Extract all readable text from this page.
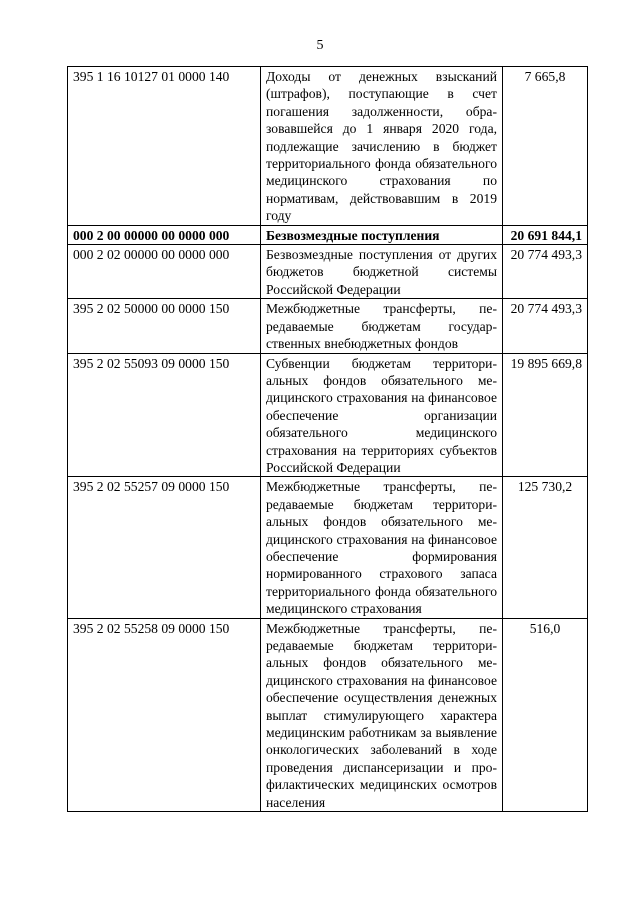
5
395 1 16 10127 01 0000 140	Доходы от денежных взысканий (штрафов), поступающие в счет погашения задолженности, образовавшейся до 1 января 2020 года, подлежащие зачислению в бюджет территориального фонда обязательного медицинского страхования по нормативам, действовавшим в 2019 году	7 665,8
000 2 00 00000 00 0000 000	Безвозмездные поступления	20 691 844,1
000 2 02 00000 00 0000 000	Безвозмездные поступления от других бюджетов бюджетной системы Российской Федерации	20 774 493,3
395 2 02 50000 00 0000 150	Межбюджетные трансферты, передаваемые бюджетам государственных внебюджетных фондов	20 774 493,3
395 2 02 55093 09 0000 150	Субвенции бюджетам территориальных фондов обязательного медицинского страхования на финансовое обеспечение организации обязательного медицинского страхования на территориях субъектов Российской Федерации	19 895 669,8
395 2 02 55257 09 0000 150	Межбюджетные трансферты, передаваемые бюджетам территориальных фондов обязательного медицинского страхования на финансовое обеспечение формирования нормированного страхового запаса территориального фонда обязательного медицинского страхования	125 730,2
395 2 02 55258 09 0000 150	Межбюджетные трансферты, передаваемые бюджетам территориальных фондов обязательного медицинского страхования на финансовое обеспечение осуществления денежных выплат стимулирующего характера медицинским работникам за выявление онкологических заболеваний в ходе проведения диспансеризации и профилактических медицинских осмотров населения	516,0
